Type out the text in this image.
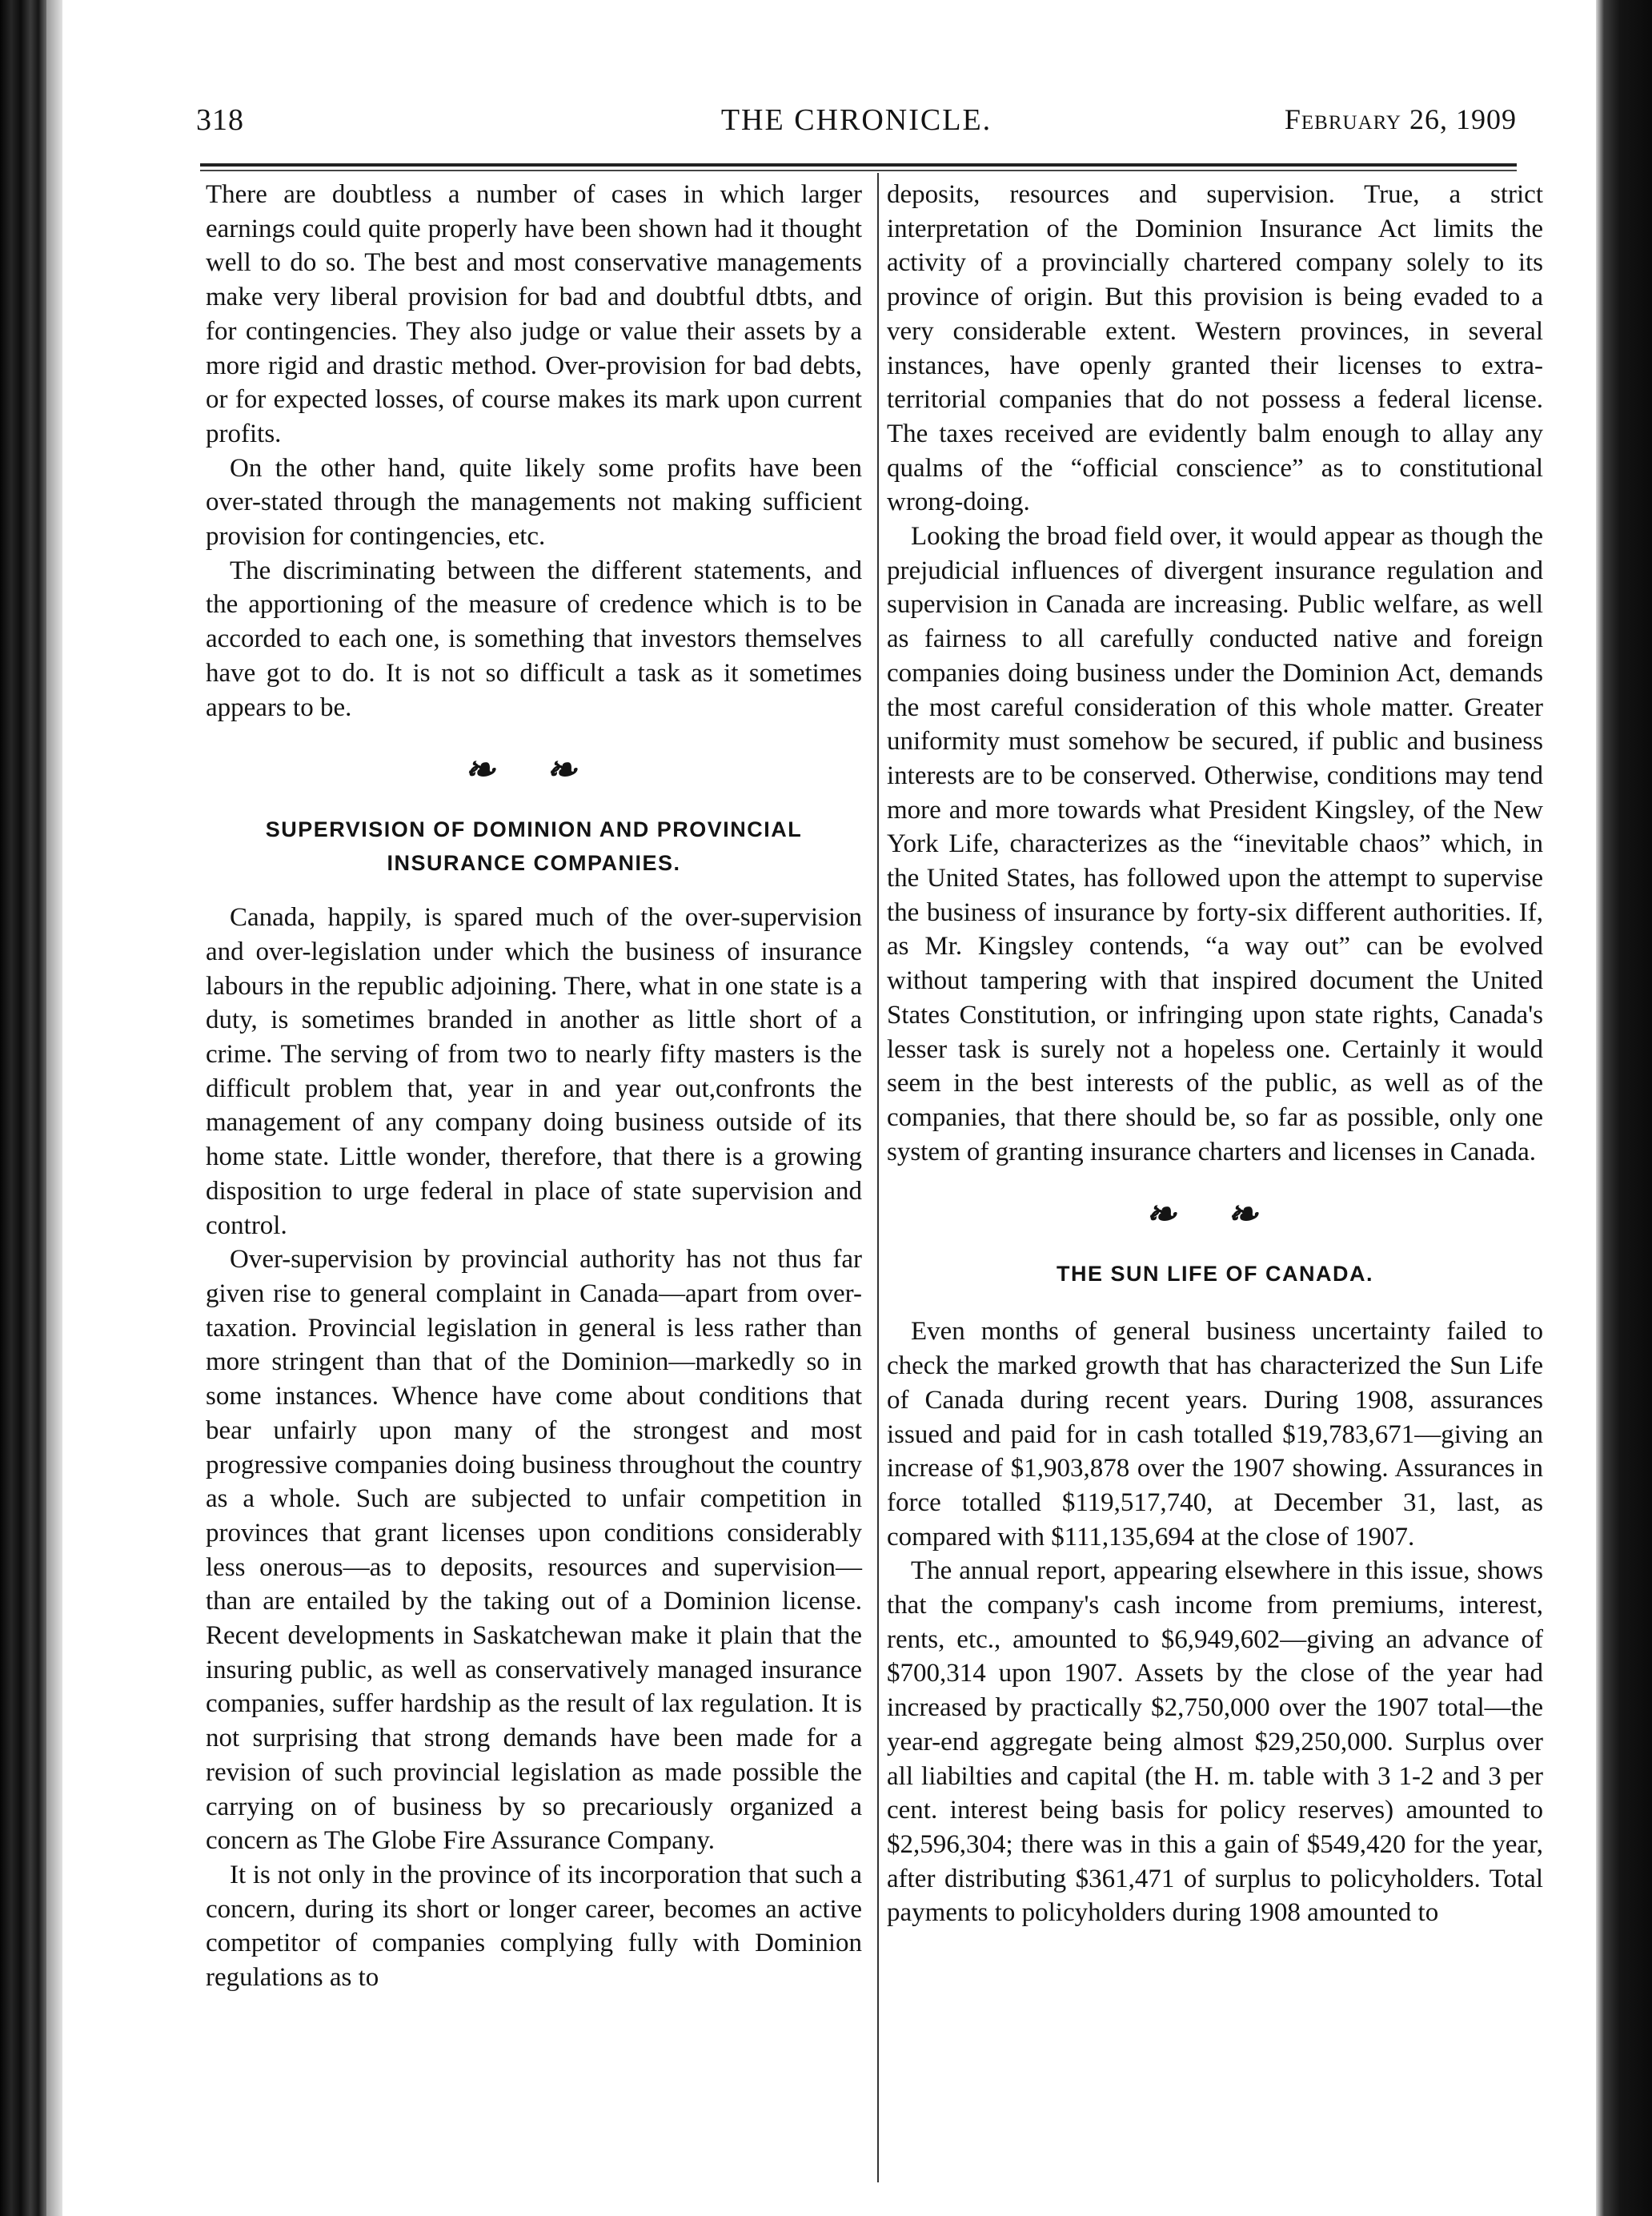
318	THE CHRONICLE.	February 26, 1909

There are doubtless a number of cases in which larger earnings could quite properly have been shown had it thought well to do so. The best and most conservative managements make very liberal provision for bad and doubtful dtbts, and for contingencies. They also judge or value their assets by a more rigid and drastic method. Over-provision for bad debts, or for expected losses, of course makes its mark upon current profits.

On the other hand, quite likely some profits have been over-stated through the managements not making sufficient provision for contingencies, etc.

The discriminating between the different statements, and the apportioning of the measure of credence which is to be accorded to each one, is something that investors themselves have got to do. It is not so difficult a task as it sometimes appears to be.

❧ ❧
SUPERVISION OF DOMINION AND PROVINCIAL INSURANCE COMPANIES.

Canada, happily, is spared much of the over-supervision and over-legislation under which the business of insurance labours in the republic adjoining. There, what in one state is a duty, is sometimes branded in another as little short of a crime. The serving of from two to nearly fifty masters is the difficult problem that, year in and year out,confronts the management of any company doing business outside of its home state. Little wonder, therefore, that there is a growing disposition to urge federal in place of state supervision and control.

Over-supervision by provincial authority has not thus far given rise to general complaint in Canada—apart from over-taxation. Provincial legislation in general is less rather than more stringent than that of the Dominion—markedly so in some instances. Whence have come about conditions that bear unfairly upon many of the strongest and most progressive companies doing business throughout the country as a whole. Such are subjected to unfair competition in provinces that grant licenses upon conditions considerably less onerous—as to deposits, resources and supervision—than are entailed by the taking out of a Dominion license. Recent developments in Saskatchewan make it plain that the insuring public, as well as conservatively managed insurance companies, suffer hardship as the result of lax regulation. It is not surprising that strong demands have been made for a revision of such provincial legislation as made possible the carrying on of business by so precariously organized a concern as The Globe Fire Assurance Company.

It is not only in the province of its incorporation that such a concern, during its short or longer career, becomes an active competitor of companies complying fully with Dominion regulations as to

deposits, resources and supervision. True, a strict interpretation of the Dominion Insurance Act limits the activity of a provincially chartered company solely to its province of origin. But this provision is being evaded to a very considerable extent. Western provinces, in several instances, have openly granted their licenses to extra-territorial companies that do not possess a federal license. The taxes received are evidently balm enough to allay any qualms of the “official conscience” as to constitutional wrong-doing.

Looking the broad field over, it would appear as though the prejudicial influences of divergent insurance regulation and supervision in Canada are increasing. Public welfare, as well as fairness to all carefully conducted native and foreign companies doing business under the Dominion Act, demands the most careful consideration of this whole matter. Greater uniformity must somehow be secured, if public and business interests are to be conserved. Otherwise, conditions may tend more and more towards what President Kingsley, of the New York Life, characterizes as the “inevitable chaos” which, in the United States, has followed upon the attempt to supervise the business of insurance by forty-six different authorities. If, as Mr. Kingsley contends, “a way out” can be evolved without tampering with that inspired document the United States Constitution, or infringing upon state rights, Canada's lesser task is surely not a hopeless one. Certainly it would seem in the best interests of the public, as well as of the companies, that there should be, so far as possible, only one system of granting insurance charters and licenses in Canada.

❧ ❧
THE SUN LIFE OF CANADA.

Even months of general business uncertainty failed to check the marked growth that has characterized the Sun Life of Canada during recent years. During 1908, assurances issued and paid for in cash totalled $19,783,671—giving an increase of $1,903,878 over the 1907 showing. Assurances in force totalled $119,517,740, at December 31, last, as compared with $111,135,694 at the close of 1907.

The annual report, appearing elsewhere in this issue, shows that the company's cash income from premiums, interest, rents, etc., amounted to $6,949,602—giving an advance of $700,314 upon 1907. Assets by the close of the year had increased by practically $2,750,000 over the 1907 total—the year-end aggregate being almost $29,250,000. Surplus over all liabilties and capital (the H. m. table with 3 1-2 and 3 per cent. interest being basis for policy reserves) amounted to $2,596,304; there was in this a gain of $549,420 for the year, after distributing $361,471 of surplus to policyholders. Total payments to policyholders during 1908 amounted to
